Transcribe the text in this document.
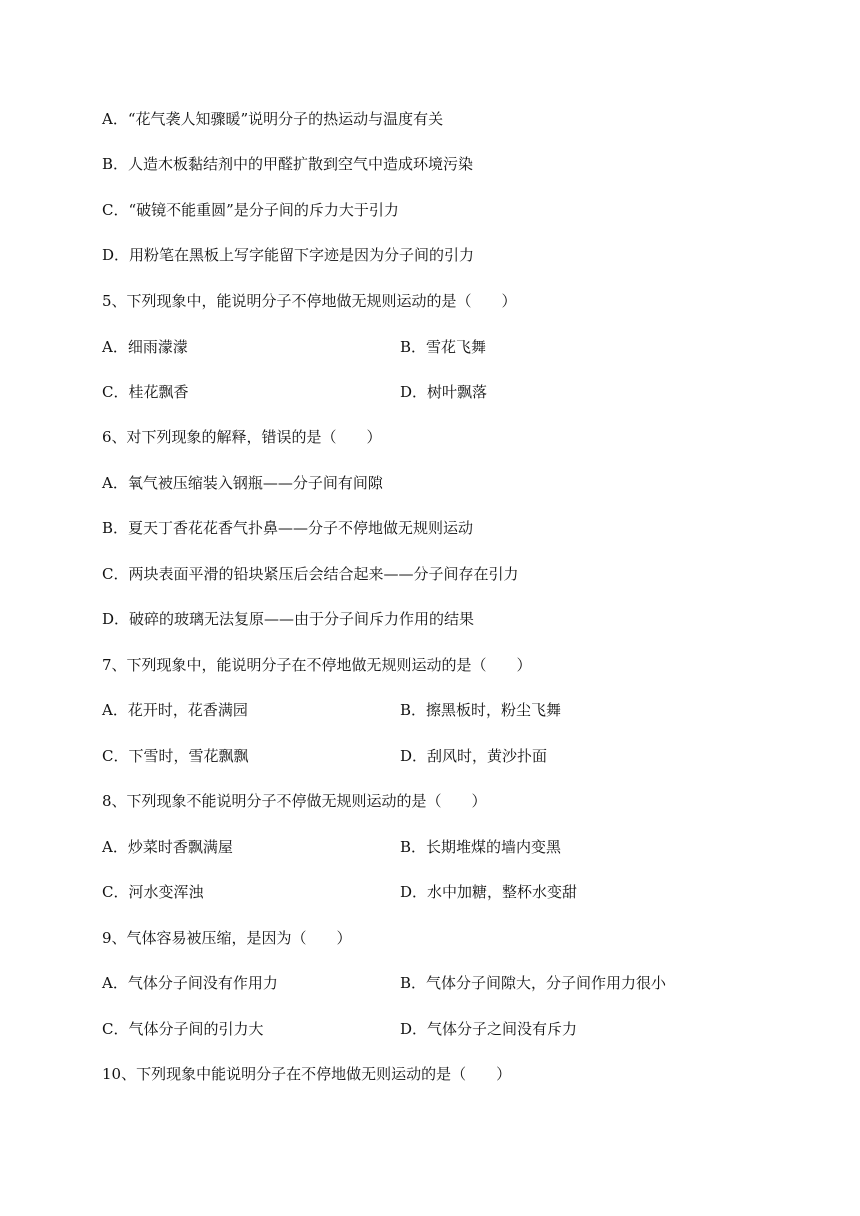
A．“花气袭人知骤暖”说明分子的热运动与温度有关
B．人造木板黏结剂中的甲醛扩散到空气中造成环境污染
C．“破镜不能重圆”是分子间的斥力大于引力
D．用粉笔在黑板上写字能留下字迹是因为分子间的引力
5、下列现象中，能说明分子不停地做无规则运动的是（　　）
A．细雨濛濛	B．雪花飞舞
C．桂花飘香	D．树叶飘落
6、对下列现象的解释，错误的是（　　）
A．氧气被压缩装入钢瓶——分子间有间隙
B．夏天丁香花花香气扑鼻——分子不停地做无规则运动
C．两块表面平滑的铅块紧压后会结合起来——分子间存在引力
D．破碎的玻璃无法复原——由于分子间斥力作用的结果
7、下列现象中，能说明分子在不停地做无规则运动的是（　　）
A．花开时，花香满园	B．擦黑板时，粉尘飞舞
C．下雪时，雪花飘飘	D．刮风时，黄沙扑面
8、下列现象不能说明分子不停做无规则运动的是（　　）
A．炒菜时香飘满屋	B．长期堆煤的墙内变黑
C．河水变浑浊	D．水中加糖，整杯水变甜
9、气体容易被压缩，是因为（　　）
A．气体分子间没有作用力	B．气体分子间隙大，分子间作用力很小
C．气体分子间的引力大	D．气体分子之间没有斥力
10、下列现象中能说明分子在不停地做无则运动的是（　　）
